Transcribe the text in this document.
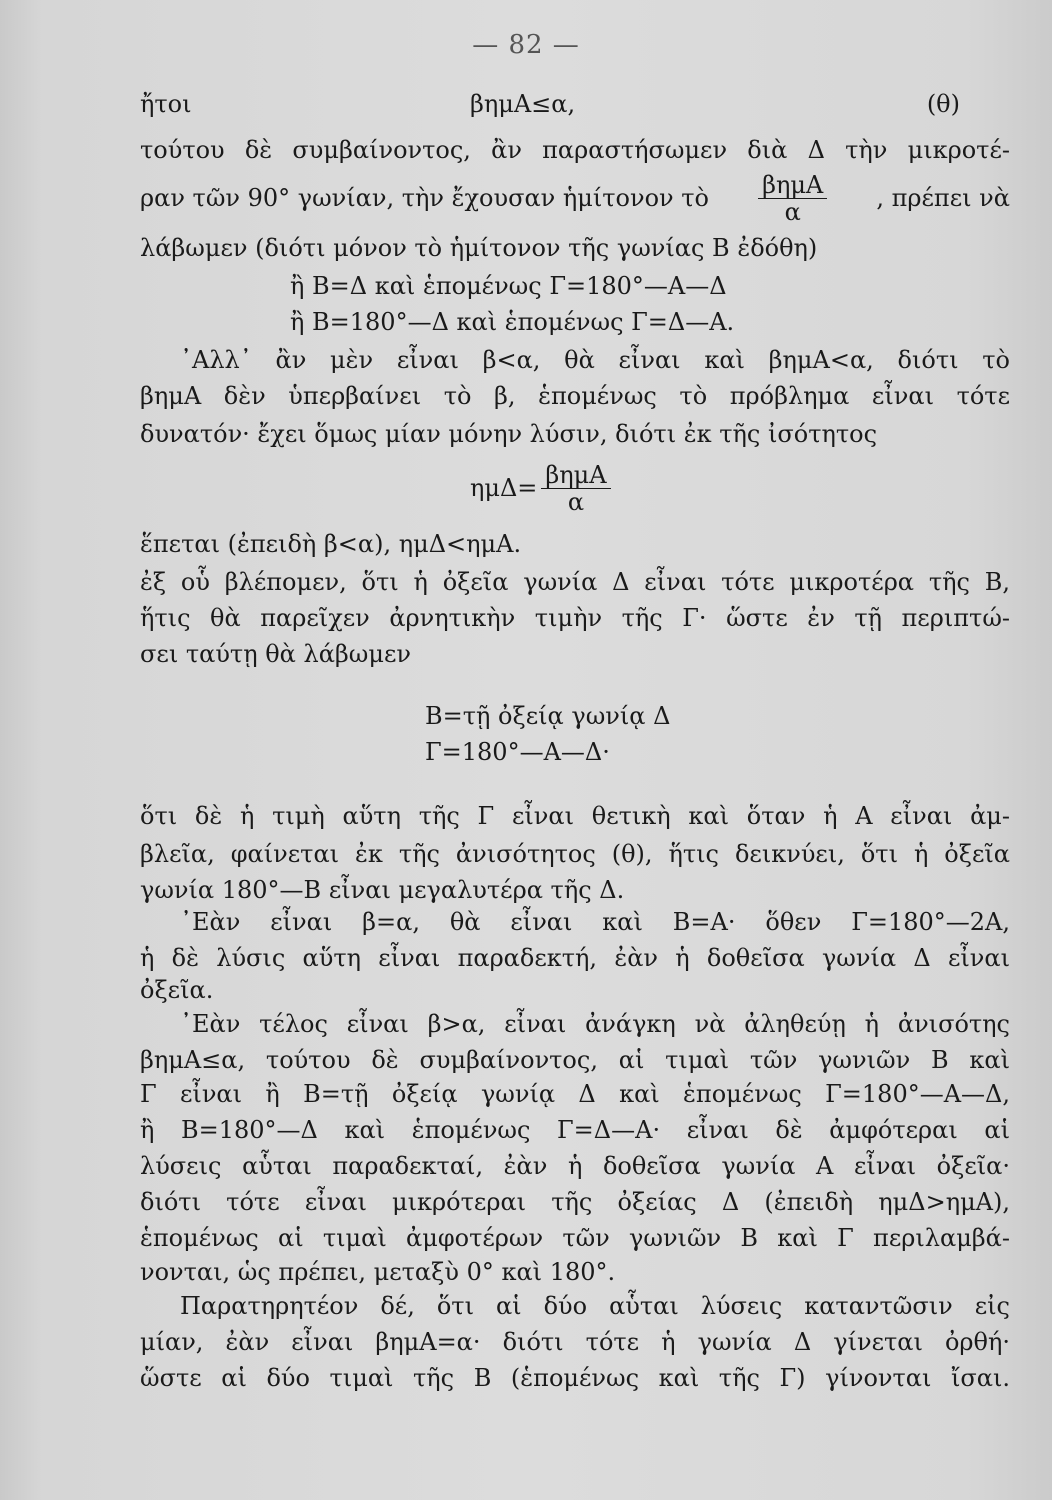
— 82 —
ἤτοι	βημΑ≤α,	(θ)
τούτου δὲ συμβαίνοντος, ἂν παραστήσωμεν διὰ Δ τὴν μικροτέ-
ραν τῶν 90° γωνίαν, τὴν ἔχουσαν ἡμίτονον τὸ $\frac{\text{βημΑ}}{\alpha}$ , πρέπει νὰ
λάβωμεν (διότι μόνον τὸ ἡμίτονον τῆς γωνίας Β ἐδόθη)
ἢ Β=Δ καὶ ἑπομένως Γ=180°—Α—Δ
ἢ Β=180°—Δ καὶ ἑπομένως Γ=Δ—Α.
᾿Αλλ᾿ ἂν μὲν εἶναι β<α, θὰ εἶναι καὶ βημΑ<α, διότι τὸ
βημΑ δὲν ὑπερβαίνει τὸ β, ἑπομένως τὸ πρόβλημα εἶναι τότε
δυνατόν· ἔχει ὅμως μίαν μόνην λύσιν, διότι ἐκ τῆς ἰσότητος
$\eta\mu\Delta= \frac{\text{βημΑ}}{\alpha}$
ἕπεται (ἐπειδὴ β<α), ημΔ<ημΑ.
ἐξ οὗ βλέπομεν, ὅτι ἡ ὀξεῖα γωνία Δ εἶναι τότε μικροτέρα τῆς Β,
ἥτις θὰ παρεῖχεν ἀρνητικὴν τιμὴν τῆς Γ· ὥστε ἐν τῇ περιπτώ-
σει ταύτῃ θὰ λάβωμεν
Β=τῇ ὀξείᾳ γωνίᾳ Δ
Γ=180°—Α—Δ·
ὅτι δὲ ἡ τιμὴ αὕτη τῆς Γ εἶναι θετικὴ καὶ ὅταν ἡ Α εἶναι ἀμ-
βλεῖα, φαίνεται ἐκ τῆς ἀνισότητος (θ), ἥτις δεικνύει, ὅτι ἡ ὀξεῖα
γωνία 180°—Β εἶναι μεγαλυτέρα τῆς Δ.
᾿Εὰν εἶναι β=α, θὰ εἶναι καὶ Β=Α· ὅθεν Γ=180°—2Α,
ἡ δὲ λύσις αὕτη εἶναι παραδεκτή, ἐὰν ἡ δοθεῖσα γωνία Δ εἶναι
ὀξεῖα.
᾿Εὰν τέλος εἶναι β>α, εἶναι ἀνάγκη νὰ ἀληθεύῃ ἡ ἀνισότης
βημΑ≤α, τούτου δὲ συμβαίνοντος, αἱ τιμαὶ τῶν γωνιῶν Β καὶ
Γ εἶναι ἢ Β=τῇ ὀξείᾳ γωνίᾳ Δ καὶ ἑπομένως Γ=180°—Α—Δ,
ἢ Β=180°—Δ καὶ ἑπομένως Γ=Δ—Α· εἶναι δὲ ἀμφότεραι αἱ
λύσεις αὗται παραδεκταί, ἐὰν ἡ δοθεῖσα γωνία Α εἶναι ὀξεῖα·
διότι τότε εἶναι μικρότεραι τῆς ὀξείας Δ (ἐπειδὴ ημΔ>ημΑ),
ἑπομένως αἱ τιμαὶ ἀμφοτέρων τῶν γωνιῶν Β καὶ Γ περιλαμβά-
νονται, ὡς πρέπει, μεταξὺ 0° καὶ 180°.
Παρατηρητέον δέ, ὅτι αἱ δύο αὗται λύσεις καταντῶσιν εἰς
μίαν, ἐὰν εἶναι βημΑ=α· διότι τότε ἡ γωνία Δ γίνεται ὀρθή·
ὥστε αἱ δύο τιμαὶ τῆς Β (ἑπομένως καὶ τῆς Γ) γίνονται ἴσαι.
